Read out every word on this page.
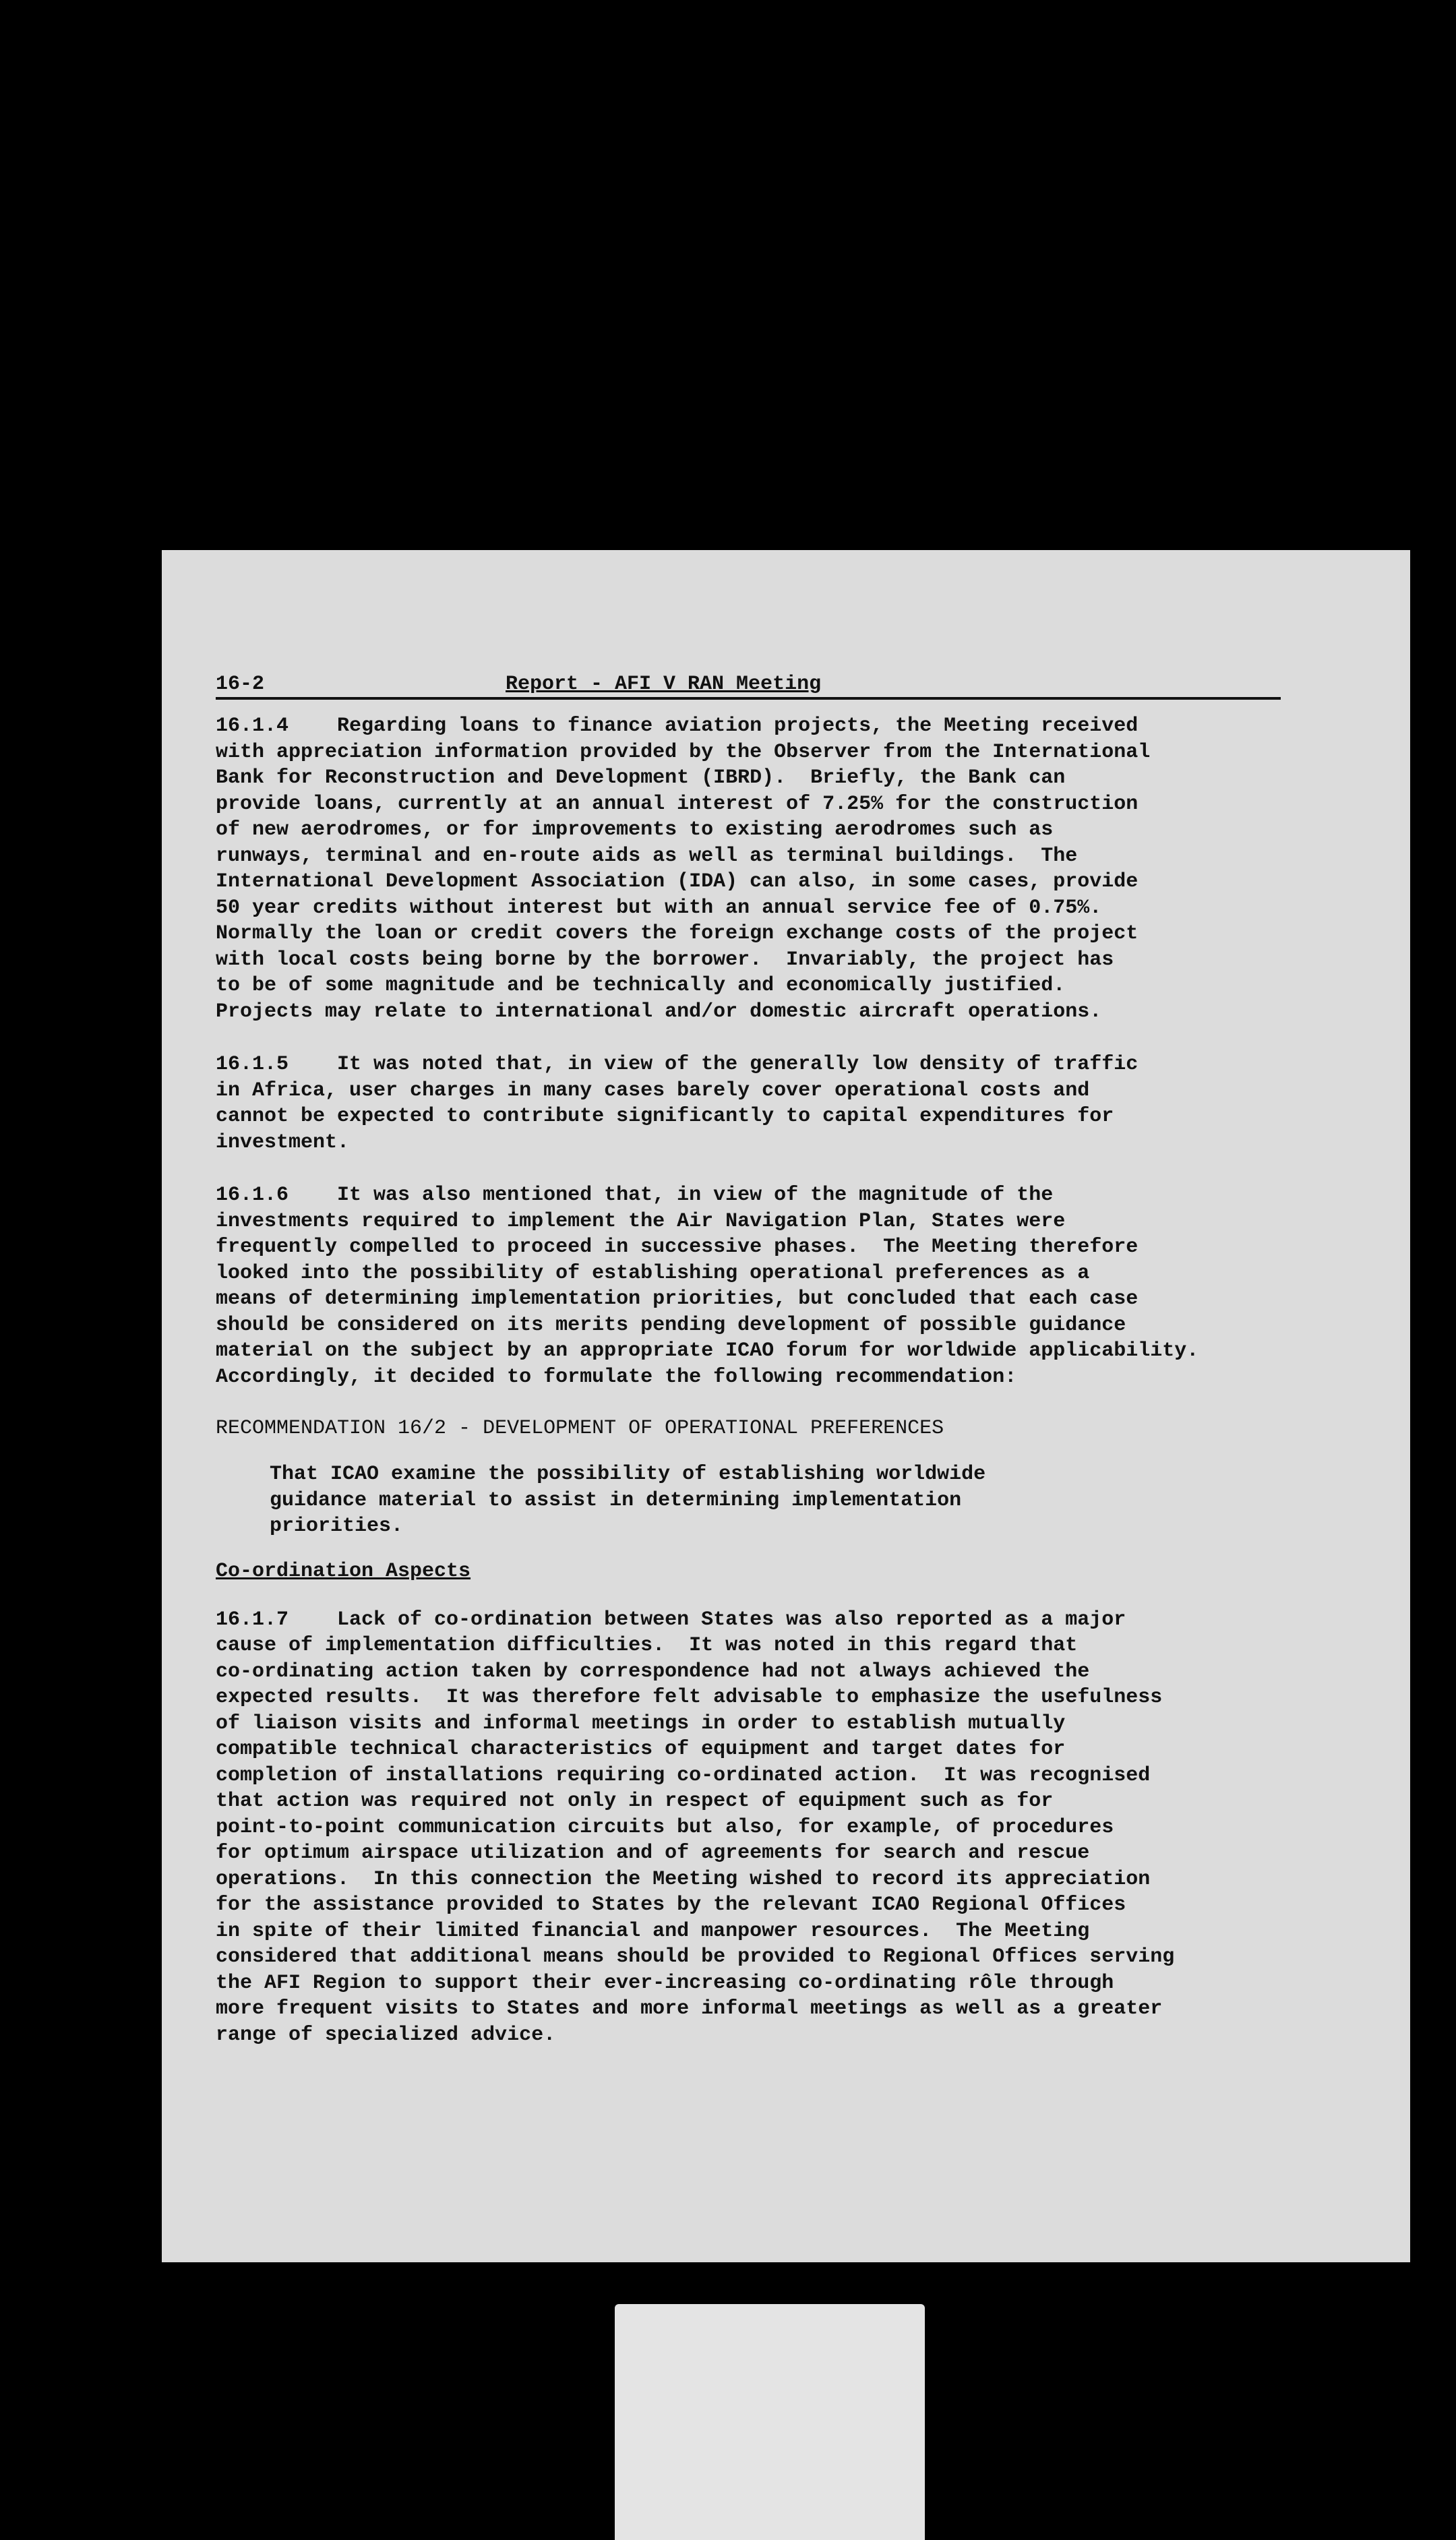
16-2	Report - AFI V RAN Meeting

16.1.4    Regarding loans to finance aviation projects, the Meeting received
with appreciation information provided by the Observer from the International
Bank for Reconstruction and Development (IBRD).  Briefly, the Bank can
provide loans, currently at an annual interest of 7.25% for the construction
of new aerodromes, or for improvements to existing aerodromes such as
runways, terminal and en-route aids as well as terminal buildings.  The
International Development Association (IDA) can also, in some cases, provide
50 year credits without interest but with an annual service fee of 0.75%.
Normally the loan or credit covers the foreign exchange costs of the project
with local costs being borne by the borrower.  Invariably, the project has
to be of some magnitude and be technically and economically justified.
Projects may relate to international and/or domestic aircraft operations.

16.1.5    It was noted that, in view of the generally low density of traffic
in Africa, user charges in many cases barely cover operational costs and
cannot be expected to contribute significantly to capital expenditures for
investment.

16.1.6    It was also mentioned that, in view of the magnitude of the
investments required to implement the Air Navigation Plan, States were
frequently compelled to proceed in successive phases.  The Meeting therefore
looked into the possibility of establishing operational preferences as a
means of determining implementation priorities, but concluded that each case
should be considered on its merits pending development of possible guidance
material on the subject by an appropriate ICAO forum for worldwide applicability.
Accordingly, it decided to formulate the following recommendation:

RECOMMENDATION 16/2 - DEVELOPMENT OF OPERATIONAL PREFERENCES
That ICAO examine the possibility of establishing worldwide
guidance material to assist in determining implementation
priorities.
Co-ordination Aspects

16.1.7    Lack of co-ordination between States was also reported as a major
cause of implementation difficulties.  It was noted in this regard that
co-ordinating action taken by correspondence had not always achieved the
expected results.  It was therefore felt advisable to emphasize the usefulness
of liaison visits and informal meetings in order to establish mutually
compatible technical characteristics of equipment and target dates for
completion of installations requiring co-ordinated action.  It was recognised
that action was required not only in respect of equipment such as for
point-to-point communication circuits but also, for example, of procedures
for optimum airspace utilization and of agreements for search and rescue
operations.  In this connection the Meeting wished to record its appreciation
for the assistance provided to States by the relevant ICAO Regional Offices
in spite of their limited financial and manpower resources.  The Meeting
considered that additional means should be provided to Regional Offices serving
the AFI Region to support their ever-increasing co-ordinating rôle through
more frequent visits to States and more informal meetings as well as a greater
range of specialized advice.
